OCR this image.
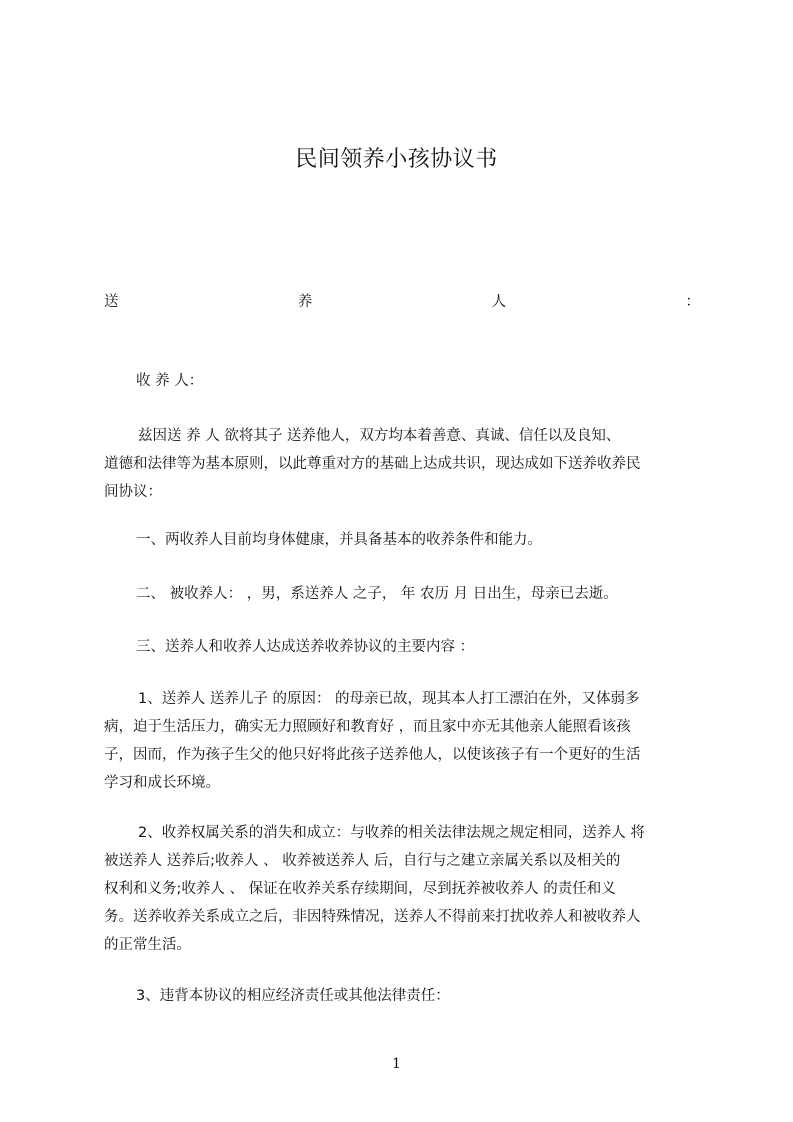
民间领养小孩协议书
送	养	人	：

收 养 人：

兹因送 养 人 欲将其子 送养他人，双方均本着善意、真诚、信任以及良知、

道德和法律等为基本原则，以此尊重对方的基础上达成共识，现达成如下送养收养民

间协议：

一、两收养人目前均身体健康，并具备基本的收养条件和能力。

二、 被收养人： ，男，系送养人 之子， 年 农历 月 日出生，母亲已去逝。

三、送养人和收养人达成送养收养协议的主要内容 ：

1、送养人 送养儿子 的原因： 的母亲已故，现其本人打工漂泊在外，又体弱多

病，迫于生活压力，确实无力照顾好和教育好 ，而且家中亦无其他亲人能照看该孩

子，因而，作为孩子生父的他只好将此孩子送养他人，以使该孩子有一个更好的生活

学习和成长环境。

2、收养权属关系的消失和成立：与收养的相关法律法规之规定相同，送养人 将

被送养人 送养后;收养人 、 收养被送养人 后，自行与之建立亲属关系以及相关的

权利和义务;收养人 、 保证在收养关系存续期间，尽到抚养被收养人 的责任和义

务。送养收养关系成立之后，非因特殊情况，送养人不得前来打扰收养人和被收养人

的正常生活。

3、违背本协议的相应经济责任或其他法律责任：

1
